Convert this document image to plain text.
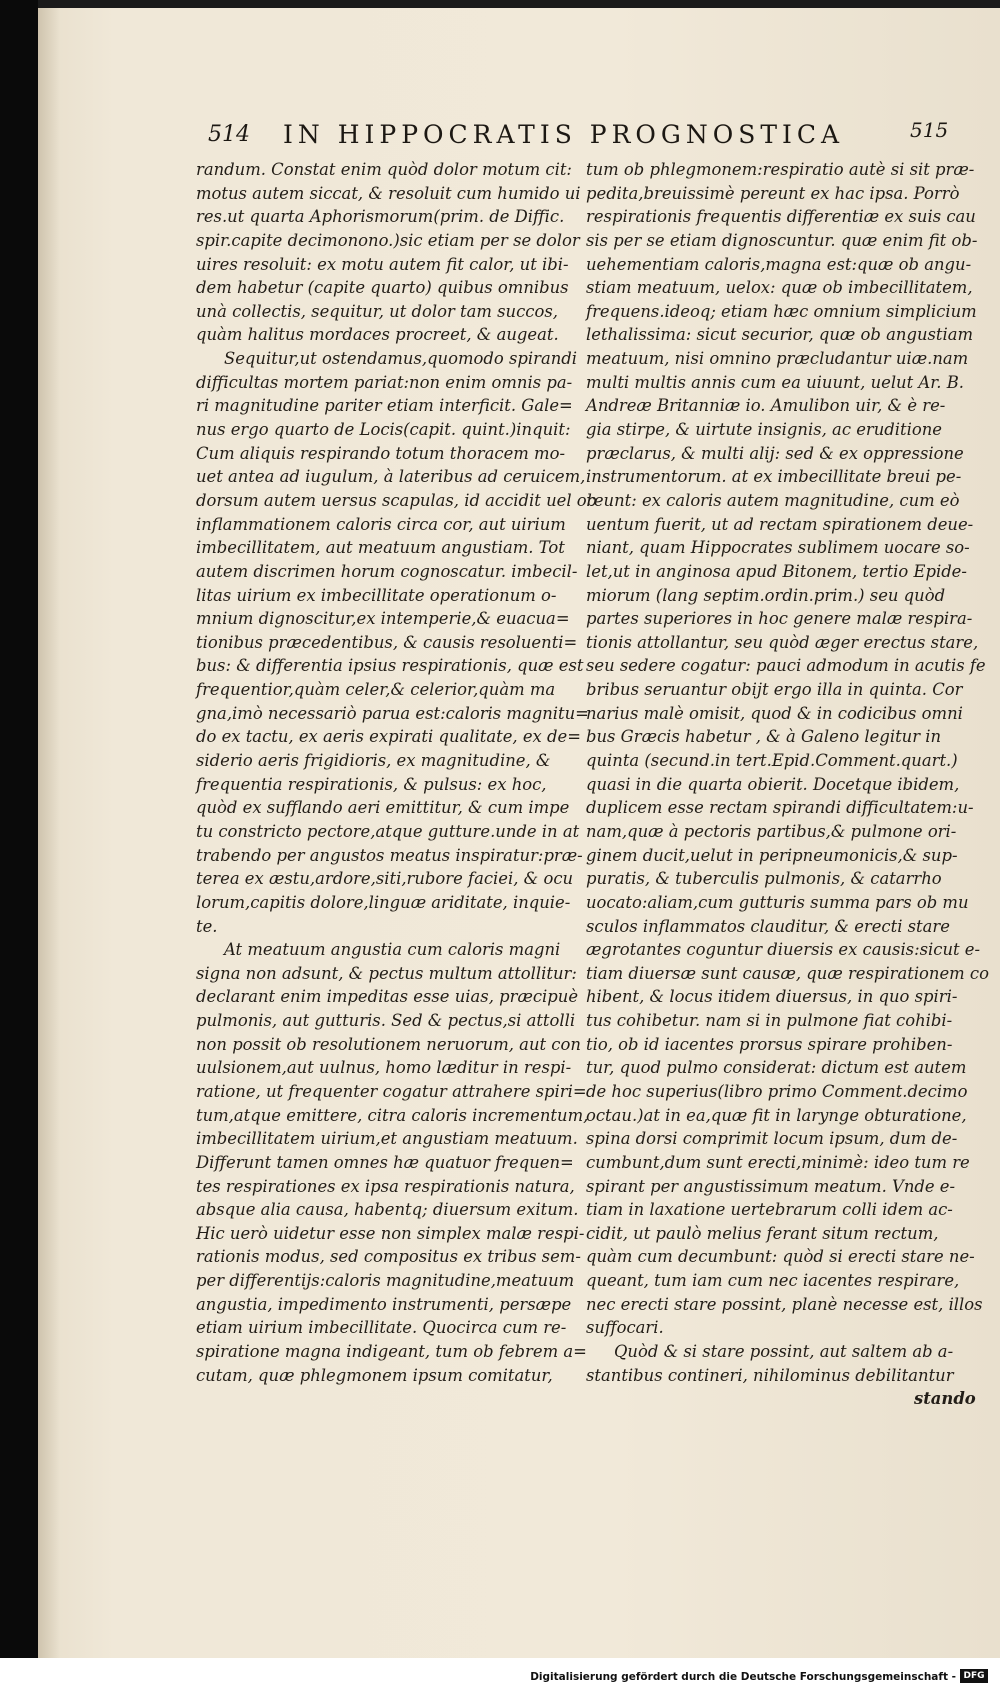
514 IN HIPPOCRATIS PROGNOSTICA	515
randum. Constat enim quòd dolor motum cit:
motus autem siccat, & resoluit cum humido ui
res.ut quarta Aphorismorum(prim. de Diffic.
spir.capite decimonono.)sic etiam per se dolor
uires resoluit: ex motu autem fit calor, ut ibi-
dem habetur (capite quarto) quibus omnibus
unà collectis, sequitur, ut dolor tam succos,
quàm halitus mordaces procreet, & augeat.
Sequitur,ut ostendamus,quomodo spirandi
difficultas mortem pariat:non enim omnis pa-
ri magnitudine pariter etiam interficit. Gale=
nus ergo quarto de Locis(capit. quint.)inquit:
Cum aliquis respirando totum thoracem mo-
uet antea ad iugulum, à lateribus ad ceruicem,
dorsum autem uersus scapulas, id accidit uel ob
inflammationem caloris circa cor, aut uirium
imbecillitatem, aut meatuum angustiam. Tot
autem discrimen horum cognoscatur. imbecil-
litas uirium ex imbecillitate operationum o-
mnium dignoscitur,ex intemperie,& euacua=
tionibus præcedentibus, & causis resoluenti=
bus: & differentia ipsius respirationis, quæ est
frequentior,quàm celer,& celerior,quàm ma
gna,imò necessariò parua est:caloris magnitu=
do ex tactu, ex aeris expirati qualitate, ex de=
siderio aeris frigidioris, ex magnitudine, &
frequentia respirationis, & pulsus: ex hoc,
quòd ex sufflando aeri emittitur, & cum impe
tu constricto pectore,atque gutture.unde in at
trabendo per angustos meatus inspiratur:præ-
terea ex æstu,ardore,siti,rubore faciei, & ocu
lorum,capitis dolore,linguæ ariditate, inquie-
te.
At meatuum angustia cum caloris magni
signa non adsunt, & pectus multum attollitur:
declarant enim impeditas esse uias, præcipuè
pulmonis, aut gutturis. Sed & pectus,si attolli
non possit ob resolutionem neruorum, aut con
uulsionem,aut uulnus, homo læditur in respi-
ratione, ut frequenter cogatur attrahere spiri=
tum,atque emittere, citra caloris incrementum,
imbecillitatem uirium,et angustiam meatuum.
Differunt tamen omnes hæ quatuor frequen=
tes respirationes ex ipsa respirationis natura,
absque alia causa, habentq; diuersum exitum.
Hic uerò uidetur esse non simplex malæ respi-
rationis modus, sed compositus ex tribus sem-
per differentijs:caloris magnitudine,meatuum
angustia, impedimento instrumenti, persæpe
etiam uirium imbecillitate. Quocirca cum re-
spiratione magna indigeant, tum ob febrem a=
cutam, quæ phlegmonem ipsum comitatur,
tum ob phlegmonem:respiratio autè si sit præ-
pedita,breuissimè pereunt ex hac ipsa. Porrò
respirationis frequentis differentiæ ex suis cau
sis per se etiam dignoscuntur. quæ enim fit ob-
uehementiam caloris,magna est:quæ ob angu-
stiam meatuum, uelox: quæ ob imbecillitatem,
frequens.ideoq; etiam hæc omnium simplicium
lethalissima: sicut securior, quæ ob angustiam
meatuum, nisi omnino præcludantur uiæ.nam
multi multis annis cum ea uiuunt, uelut Ar. B.
Andreæ Britanniæ io. Amulibon uir, & è re-
gia stirpe, & uirtute insignis, ac eruditione
præclarus, & multi alij: sed & ex oppressione
instrumentorum. at ex imbecillitate breui pe-
reunt: ex caloris autem magnitudine, cum eò
uentum fuerit, ut ad rectam spirationem deue-
niant, quam Hippocrates sublimem uocare so-
let,ut in anginosa apud Bitonem, tertio Epide-
miorum (lang septim.ordin.prim.) seu quòd
partes superiores in hoc genere malæ respira-
tionis attollantur, seu quòd æger erectus stare,
seu sedere cogatur: pauci admodum in acutis fe
bribus seruantur obijt ergo illa in quinta. Cor
narius malè omisit, quod & in codicibus omni
bus Græcis habetur , & à Galeno legitur in
quinta (secund.in tert.Epid.Comment.quart.)
quasi in die quarta obierit. Docetque ibidem,
duplicem esse rectam spirandi difficultatem:u-
nam,quæ à pectoris partibus,& pulmone ori-
ginem ducit,uelut in peripneumonicis,& sup-
puratis, & tuberculis pulmonis, & catarrho
uocato:aliam,cum gutturis summa pars ob mu
sculos inflammatos clauditur, & erecti stare
ægrotantes coguntur diuersis ex causis:sicut e-
tiam diuersæ sunt causæ, quæ respirationem co
hibent, & locus itidem diuersus, in quo spiri-
tus cohibetur. nam si in pulmone fiat cohibi-
tio, ob id iacentes prorsus spirare prohiben-
tur, quod pulmo considerat: dictum est autem
de hoc superius(libro primo Comment.decimo
octau.)at in ea,quæ fit in larynge obturatione,
spina dorsi comprimit locum ipsum, dum de-
cumbunt,dum sunt erecti,minimè: ideo tum re
spirant per angustissimum meatum. Vnde e-
tiam in laxatione uertebrarum colli idem ac-
cidit, ut paulò melius ferant situm rectum,
quàm cum decumbunt: quòd si erecti stare ne-
queant, tum iam cum nec iacentes respirare,
nec erecti stare possint, planè necesse est, illos
suffocari.
Quòd & si stare possint, aut saltem ab a-
stantibus contineri, nihilominus debilitantur
stando
Digitalisierung gefördert durch die Deutsche Forschungsgemeinschaft - DFG
